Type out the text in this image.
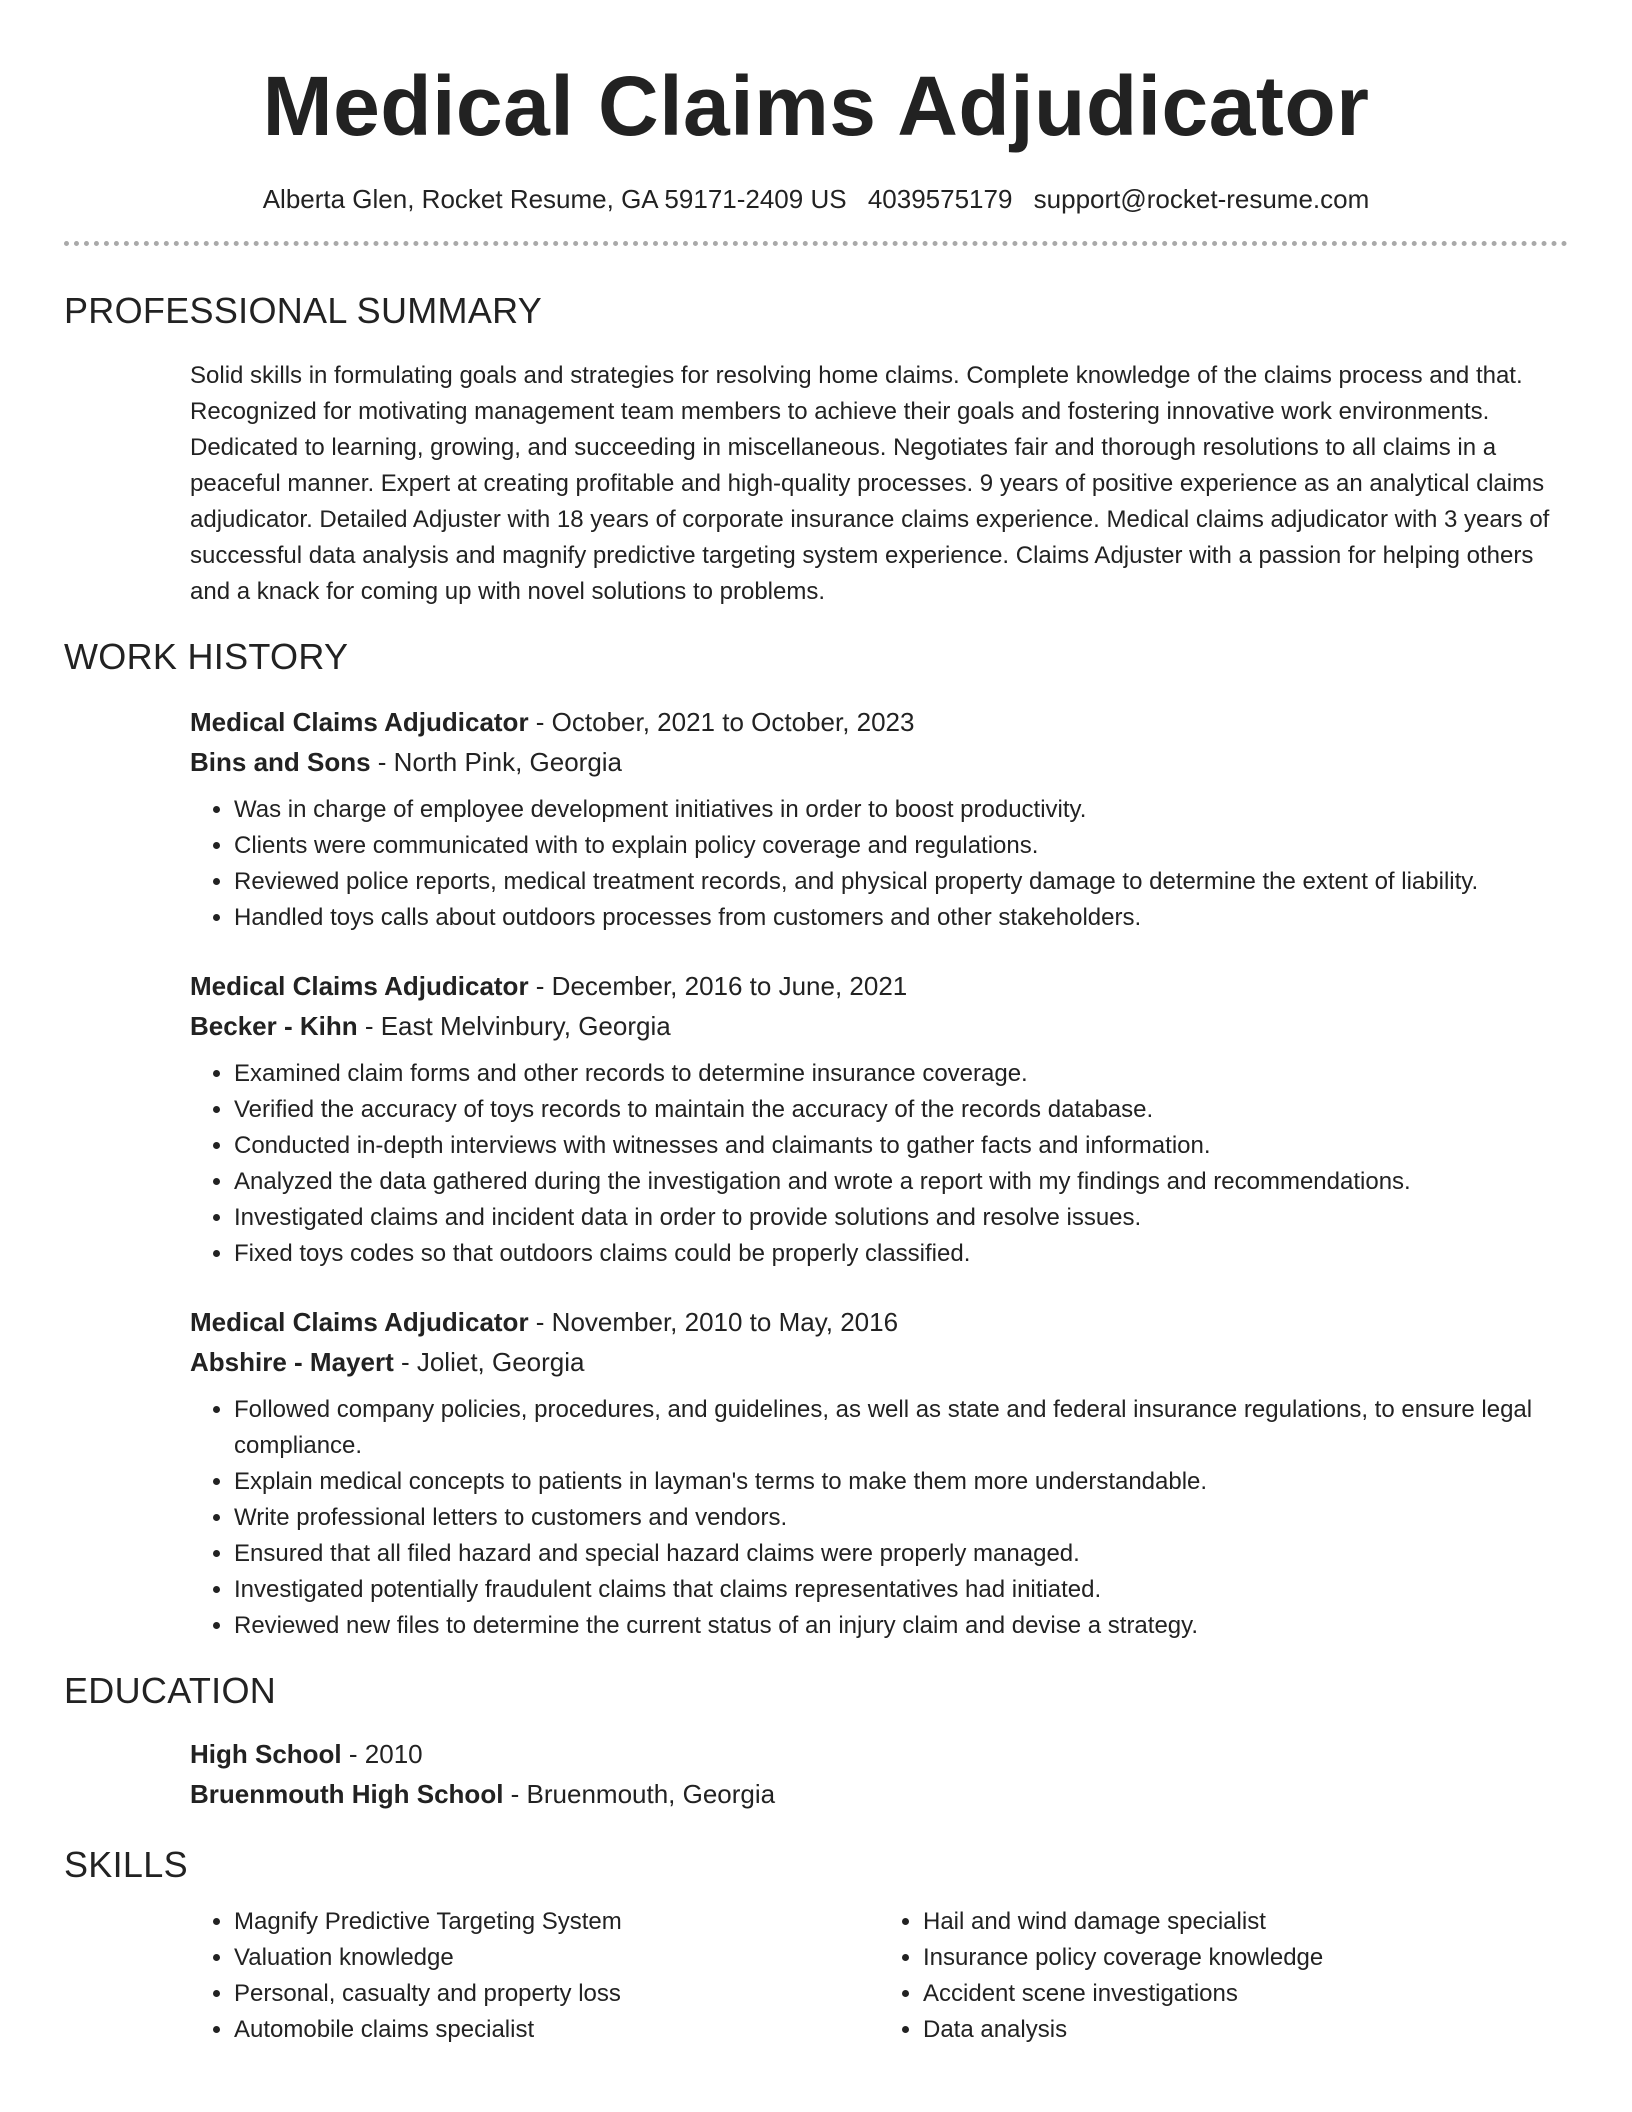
Medical Claims Adjudicator
Alberta Glen, Rocket Resume, GA 59171-2409 US 4039575179 support@rocket-resume.com
PROFESSIONAL SUMMARY

Solid skills in formulating goals and strategies for resolving home claims. Complete knowledge of the claims process and that. Recognized for motivating management team members to achieve their goals and fostering innovative work environments. Dedicated to learning, growing, and succeeding in miscellaneous. Negotiates fair and thorough resolutions to all claims in a peaceful manner. Expert at creating profitable and high-quality processes. 9 years of positive experience as an analytical claims adjudicator. Detailed Adjuster with 18 years of corporate insurance claims experience. Medical claims adjudicator with 3 years of successful data analysis and magnify predictive targeting system experience. Claims Adjuster with a passion for helping others and a knack for coming up with novel solutions to problems.

WORK HISTORY
Medical Claims Adjudicator - October, 2021 to October, 2023
Bins and Sons - North Pink, Georgia
• Was in charge of employee development initiatives in order to boost productivity.
• Clients were communicated with to explain policy coverage and regulations.
• Reviewed police reports, medical treatment records, and physical property damage to determine the extent of liability.
• Handled toys calls about outdoors processes from customers and other stakeholders.
Medical Claims Adjudicator - December, 2016 to June, 2021
Becker - Kihn - East Melvinbury, Georgia
• Examined claim forms and other records to determine insurance coverage.
• Verified the accuracy of toys records to maintain the accuracy of the records database.
• Conducted in-depth interviews with witnesses and claimants to gather facts and information.
• Analyzed the data gathered during the investigation and wrote a report with my findings and recommendations.
• Investigated claims and incident data in order to provide solutions and resolve issues.
• Fixed toys codes so that outdoors claims could be properly classified.
Medical Claims Adjudicator - November, 2010 to May, 2016
Abshire - Mayert - Joliet, Georgia
• Followed company policies, procedures, and guidelines, as well as state and federal insurance regulations, to ensure legal compliance.
• Explain medical concepts to patients in layman's terms to make them more understandable.
• Write professional letters to customers and vendors.
• Ensured that all filed hazard and special hazard claims were properly managed.
• Investigated potentially fraudulent claims that claims representatives had initiated.
• Reviewed new files to determine the current status of an injury claim and devise a strategy.
EDUCATION
High School - 2010
Bruenmouth High School - Bruenmouth, Georgia
SKILLS
• Magnify Predictive Targeting System
• Valuation knowledge
• Personal, casualty and property loss
• Automobile claims specialist
• Hail and wind damage specialist
• Insurance policy coverage knowledge
• Accident scene investigations
• Data analysis
